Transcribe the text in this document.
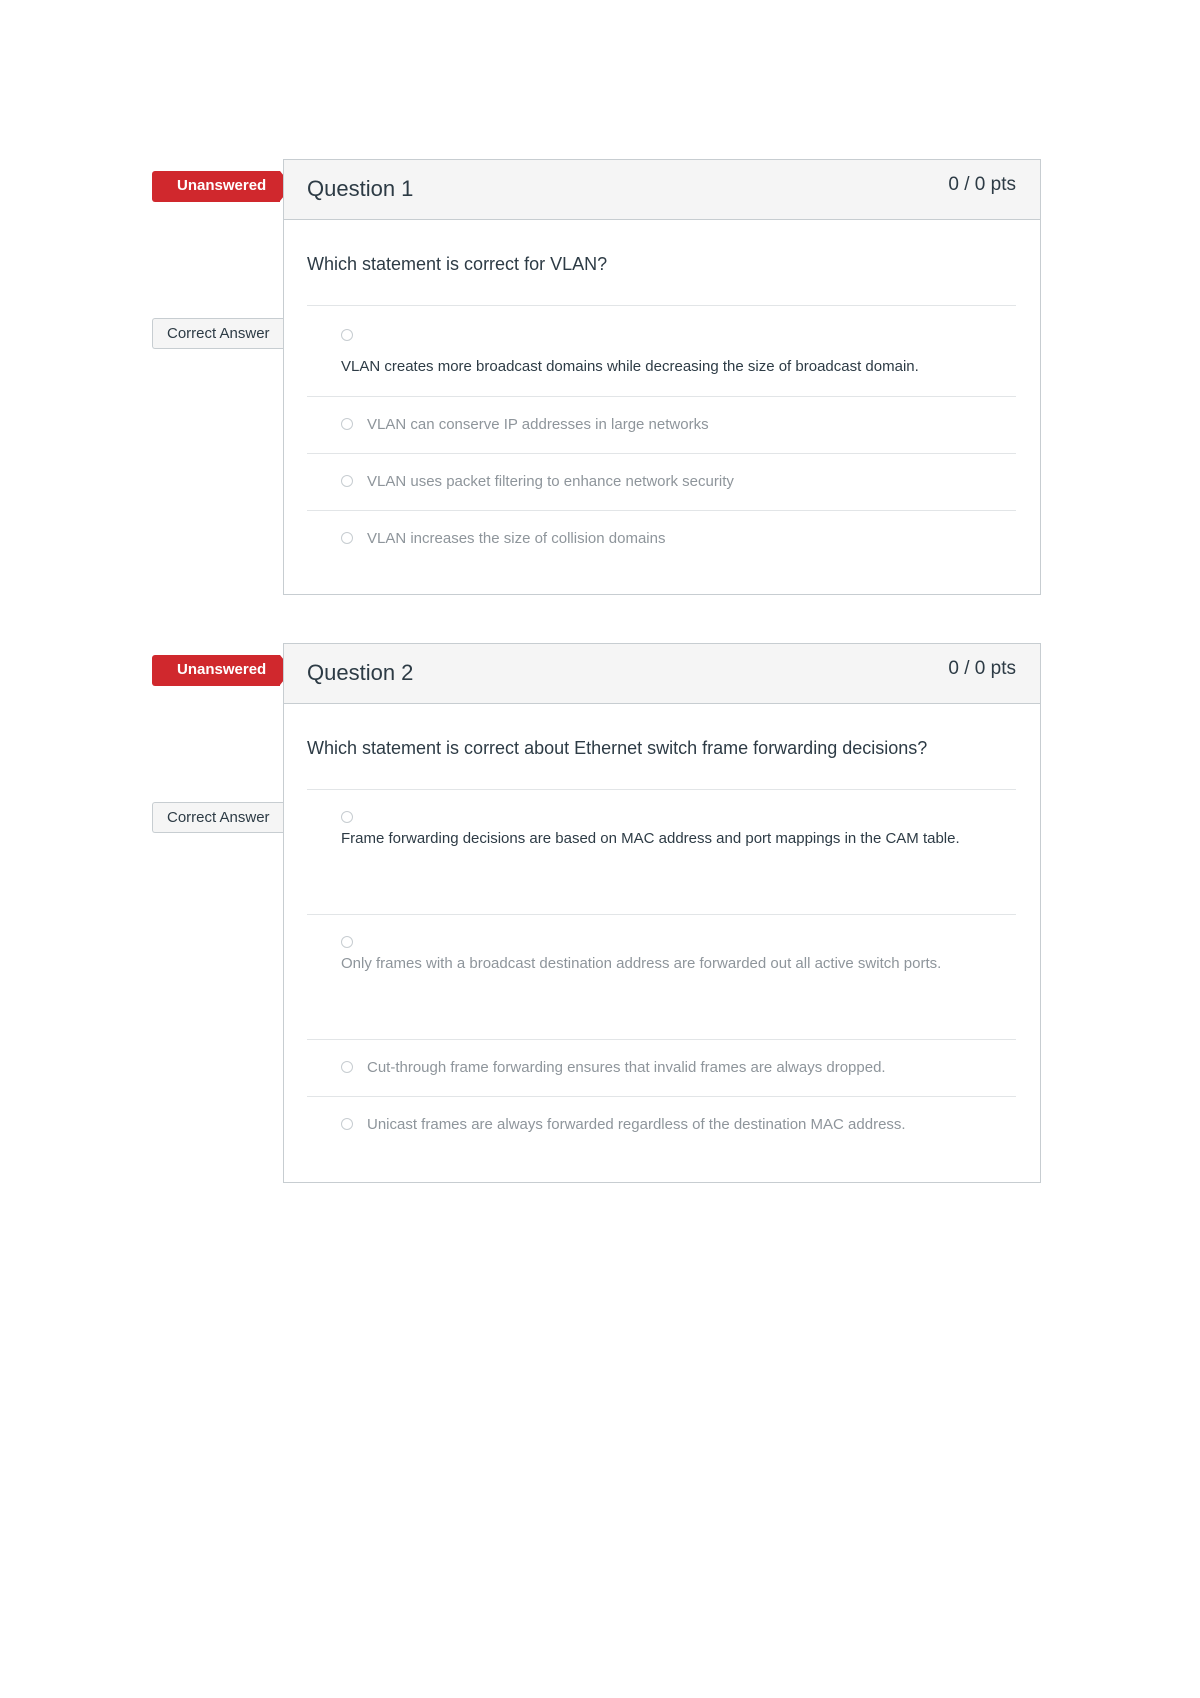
Unanswered
Correct Answer
Question 1	0 / 0 pts
Which statement is correct for VLAN?
VLAN creates more broadcast domains while decreasing the size of broadcast domain.
VLAN can conserve IP addresses in large networks
VLAN uses packet filtering to enhance network security
VLAN increases the size of collision domains
Unanswered
Correct Answer
Question 2	0 / 0 pts
Which statement is correct about Ethernet switch frame forwarding decisions?
Frame forwarding decisions are based on MAC address and port mappings in the CAM table.
Only frames with a broadcast destination address are forwarded out all active switch ports.
Cut-through frame forwarding ensures that invalid frames are always dropped.
Unicast frames are always forwarded regardless of the destination MAC address.
